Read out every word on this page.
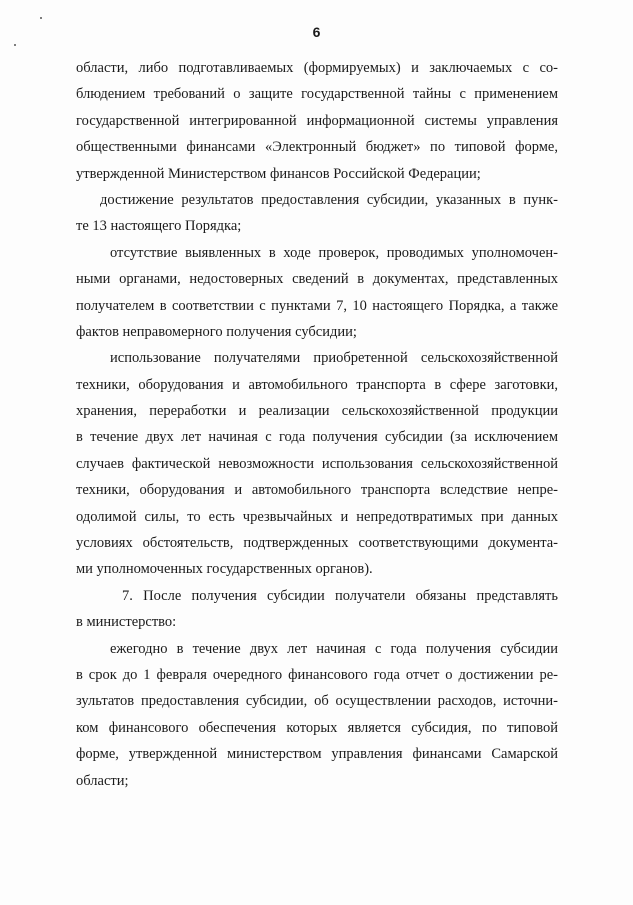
6
области, либо подготавливаемых (формируемых) и заключаемых с со-
блюдением требований о защите государственной тайны с применением
государственной интегрированной информационной системы управления
общественными финансами «Электронный бюджет» по типовой форме,
утвержденной Министерством финансов Российской Федерации;
достижение результатов предоставления субсидии, указанных в пунк-
те 13 настоящего Порядка;
отсутствие выявленных в ходе проверок, проводимых уполномочен-
ными органами, недостоверных сведений в документах, представленных
получателем в соответствии с пунктами 7, 10 настоящего Порядка, а также
фактов неправомерного получения субсидии;
использование получателями приобретенной сельскохозяйственной
техники, оборудования и автомобильного транспорта в сфере заготовки,
хранения, переработки и реализации сельскохозяйственной продукции
в течение двух лет начиная с года получения субсидии (за исключением
случаев фактической невозможности использования сельскохозяйственной
техники, оборудования и автомобильного транспорта вследствие непре-
одолимой силы, то есть чрезвычайных и непредотвратимых при данных
условиях обстоятельств, подтвержденных соответствующими документа-
ми уполномоченных государственных органов).
7. После получения субсидии получатели обязаны представлять
в министерство:
ежегодно в течение двух лет начиная с года получения субсидии
в срок до 1 февраля очередного финансового года отчет о достижении ре-
зультатов предоставления субсидии, об осуществлении расходов, источни-
ком финансового обеспечения которых является субсидия, по типовой
форме, утвержденной министерством управления финансами Самарской
области;
